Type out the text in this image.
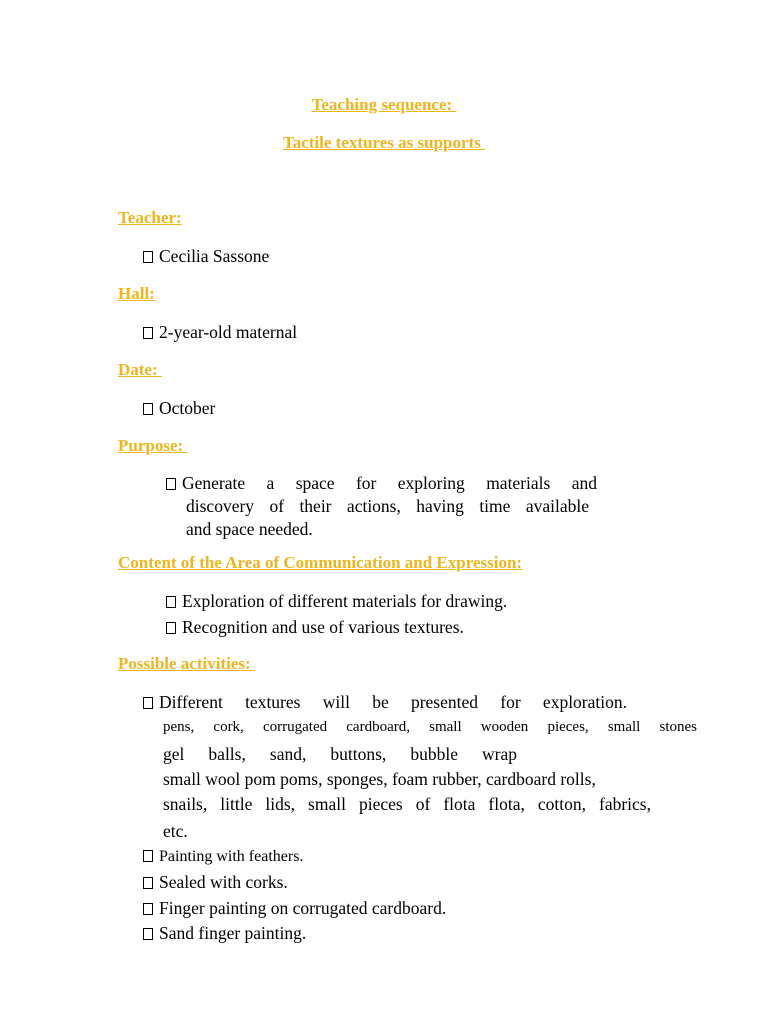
Teaching sequence:
Tactile textures as supports
Teacher:
Cecilia Sassone
Hall:
2-year-old maternal
Date:
October
Purpose:
Generate a space for exploring materials and
discovery of their actions, having time available
and space needed.
Content of the Area of Communication and Expression:
Exploration of different materials for drawing.
Recognition and use of various textures.
Possible activities:
Different textures will be presented for exploration.
pens, cork, corrugated cardboard, small wooden pieces, small stones
gel balls, sand, buttons, bubble wrap
small wool pom poms, sponges, foam rubber, cardboard rolls,
snails, little lids, small pieces of flota flota, cotton, fabrics,
etc.
Painting with feathers.
Sealed with corks.
Finger painting on corrugated cardboard.
Sand finger painting.
